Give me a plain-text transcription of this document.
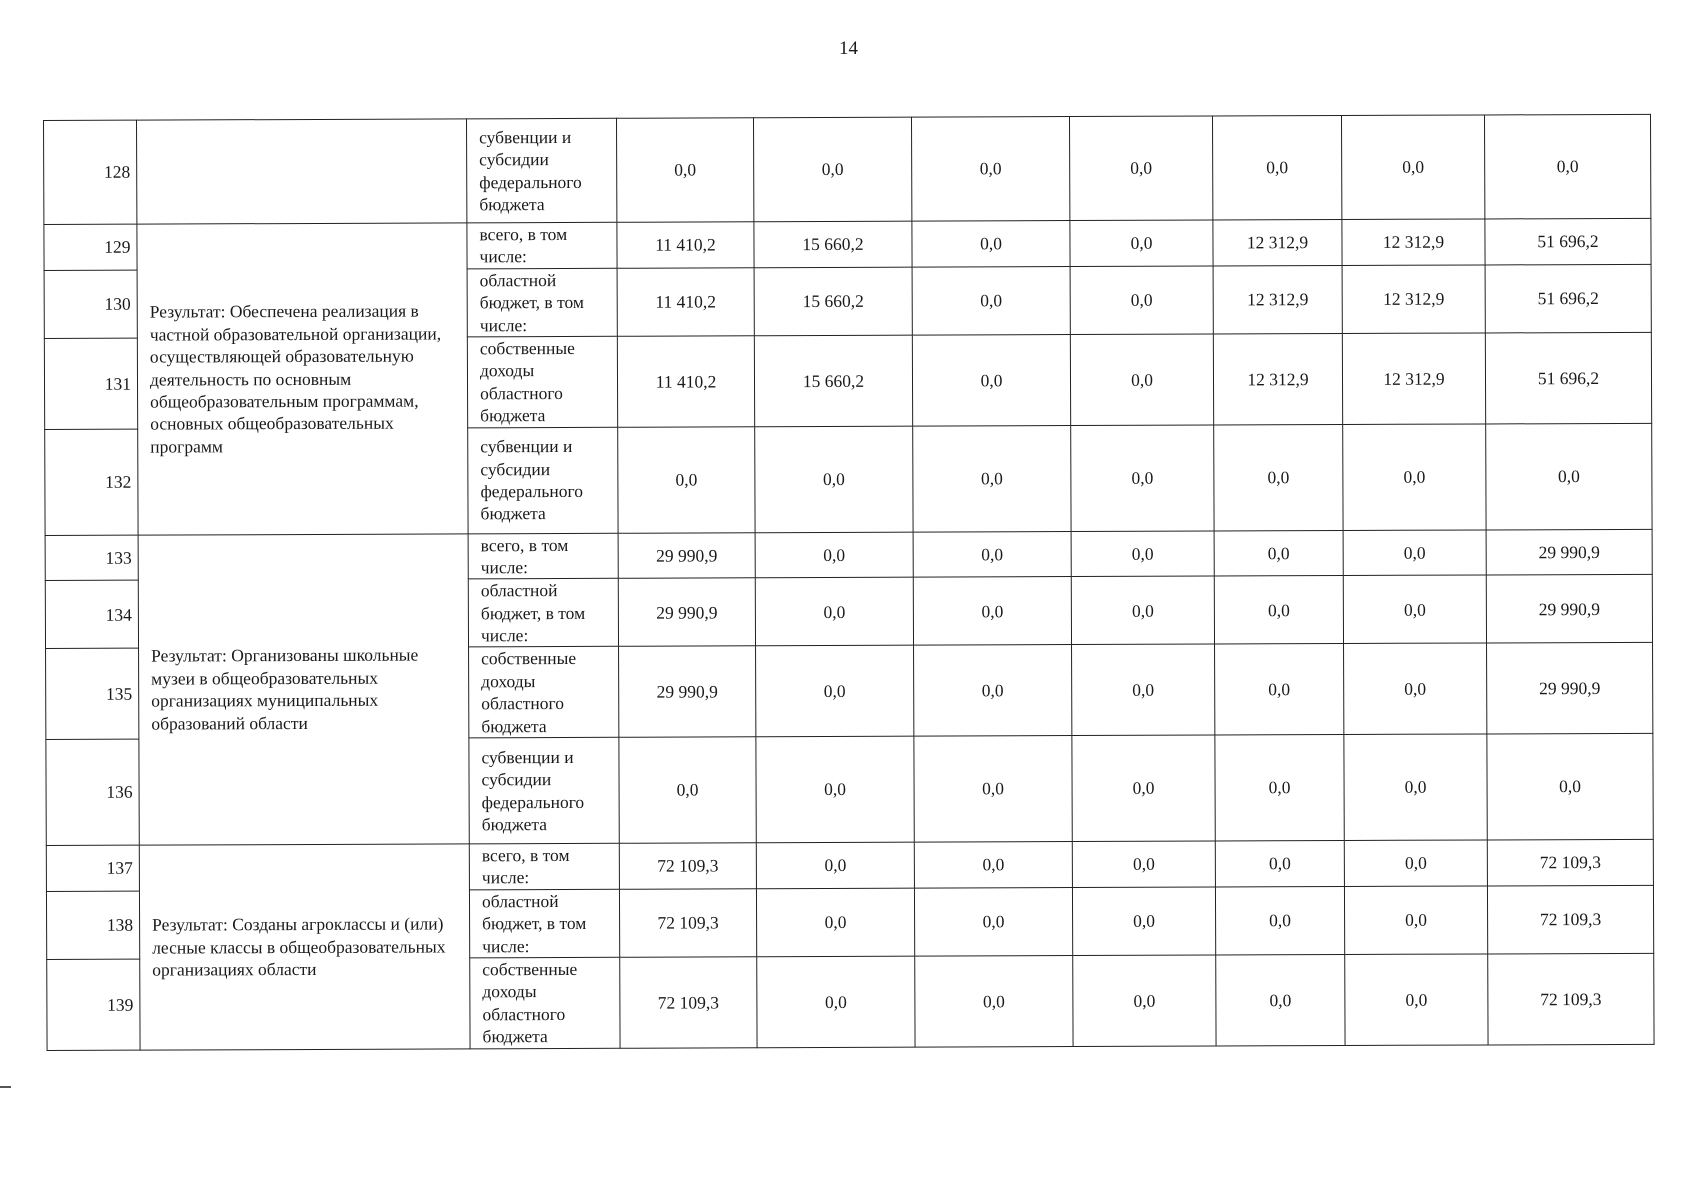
14
128		субвенции и субсидии федерального бюджета	0,0	0,0	0,0	0,0	0,0	0,0	0,0
129	Результат: Обеспечена реализация в частной образовательной организации, осуществляющей образовательную деятельность по основным общеобразовательным программам, основных общеобразовательных программ	всего, в том числе:	11 410,2	15 660,2	0,0	0,0	12 312,9	12 312,9	51 696,2
130		областной бюджет, в том числе:	11 410,2	15 660,2	0,0	0,0	12 312,9	12 312,9	51 696,2
131		собственные доходы областного бюджета	11 410,2	15 660,2	0,0	0,0	12 312,9	12 312,9	51 696,2
132		субвенции и субсидии федерального бюджета	0,0	0,0	0,0	0,0	0,0	0,0	0,0
133	Результат: Организованы школьные музеи в общеобразовательных организациях муниципальных образований области	всего, в том числе:	29 990,9	0,0	0,0	0,0	0,0	0,0	29 990,9
134		областной бюджет, в том числе:	29 990,9	0,0	0,0	0,0	0,0	0,0	29 990,9
135		собственные доходы областного бюджета	29 990,9	0,0	0,0	0,0	0,0	0,0	29 990,9
136		субвенции и субсидии федерального бюджета	0,0	0,0	0,0	0,0	0,0	0,0	0,0
137	Результат: Созданы агроклассы и (или) лесные классы в общеобразовательных организациях области	всего, в том числе:	72 109,3	0,0	0,0	0,0	0,0	0,0	72 109,3
138		областной бюджет, в том числе:	72 109,3	0,0	0,0	0,0	0,0	0,0	72 109,3
139		собственные доходы областного бюджета	72 109,3	0,0	0,0	0,0	0,0	0,0	72 109,3
